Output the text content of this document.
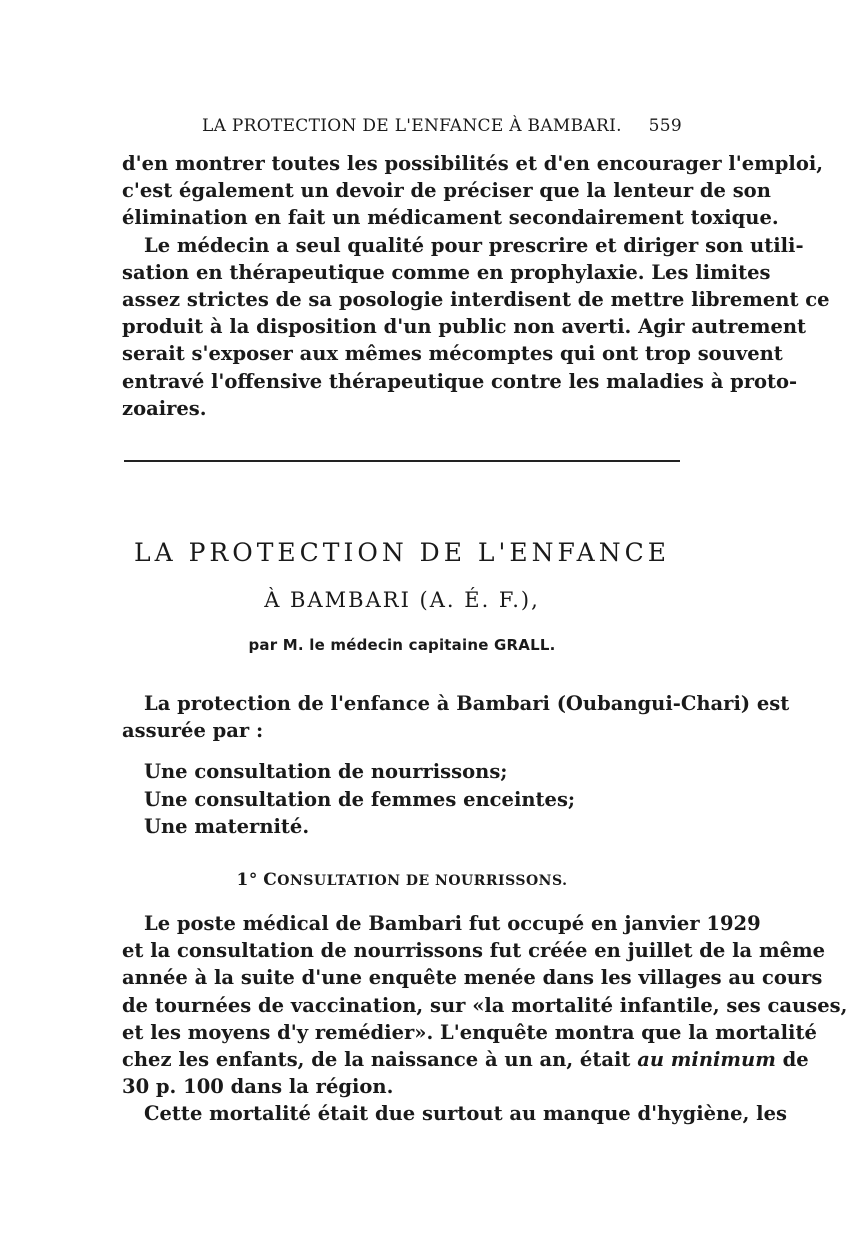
LA PROTECTION DE L'ENFANCE À BAMBARI. 559
d'en montrer toutes les possibilités et d'en encourager l'emploi,
c'est également un devoir de préciser que la lenteur de son
élimination en fait un médicament secondairement toxique.
Le médecin a seul qualité pour prescrire et diriger son utili-
sation en thérapeutique comme en prophylaxie. Les limites
assez strictes de sa posologie interdisent de mettre librement ce
produit à la disposition d'un public non averti. Agir autrement
serait s'exposer aux mêmes mécomptes qui ont trop souvent
entravé l'offensive thérapeutique contre les maladies à proto-
zoaires.
LA PROTECTION DE L'ENFANCE
À BAMBARI (A. É. F.),
par M. le médecin capitaine GRALL.
La protection de l'enfance à Bambari (Oubangui-Chari) est
assurée par :
Une consultation de nourrissons;
Une consultation de femmes enceintes;
Une maternité.
1° CONSULTATION DE NOURRISSONS.
Le poste médical de Bambari fut occupé en janvier 1929
et la consultation de nourrissons fut créée en juillet de la même
année à la suite d'une enquête menée dans les villages au cours
de tournées de vaccination, sur «la mortalité infantile, ses causes,
et les moyens d'y remédier». L'enquête montra que la mortalité
chez les enfants, de la naissance à un an, était au minimum de
30 p. 100 dans la région.
Cette mortalité était due surtout au manque d'hygiène, les
